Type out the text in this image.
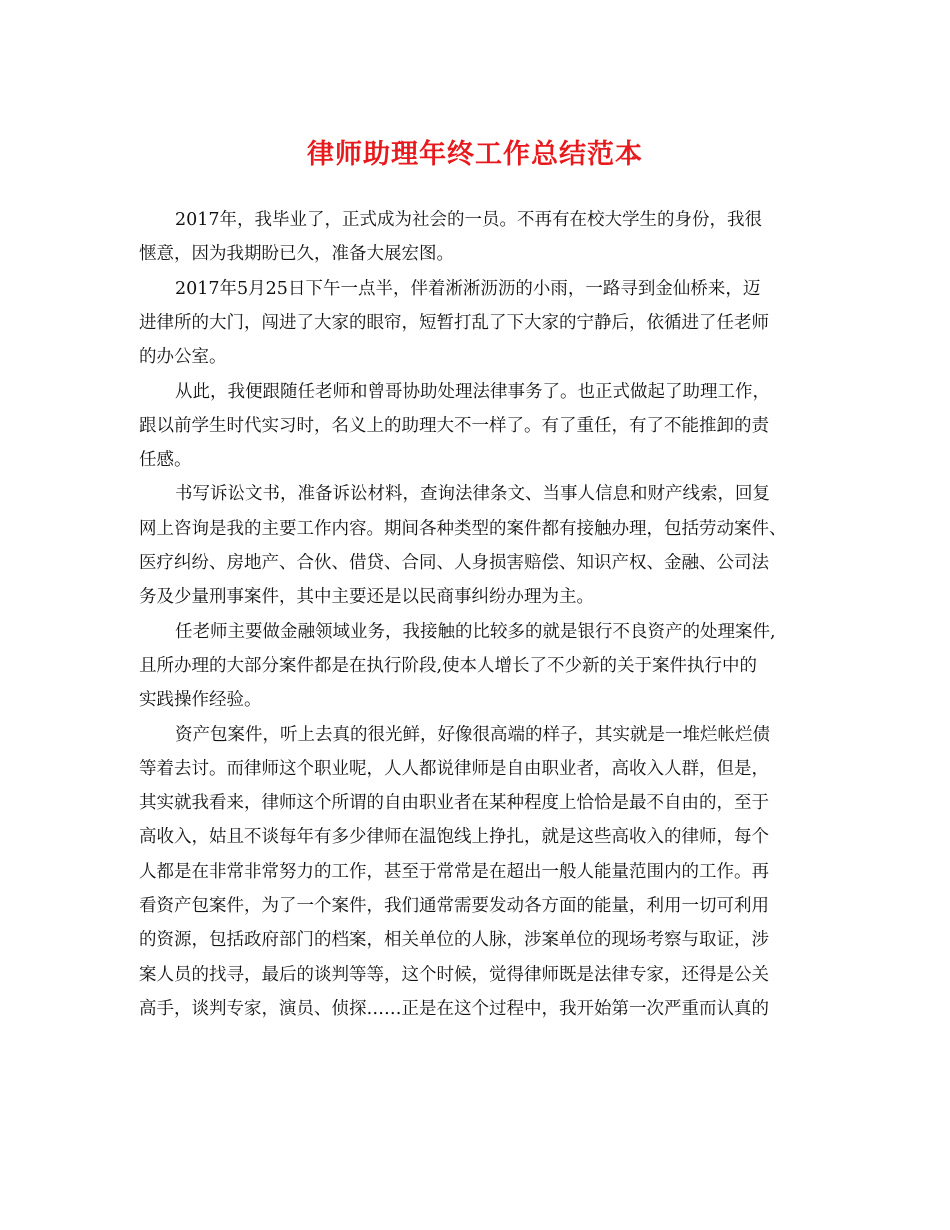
律师助理年终工作总结范本
2017年，我毕业了，正式成为社会的一员。不再有在校大学生的身份，我很
惬意，因为我期盼已久，准备大展宏图。
2017年5月25日下午一点半，伴着淅淅沥沥的小雨，一路寻到金仙桥来，迈
进律所的大门，闯进了大家的眼帘，短暂打乱了下大家的宁静后，依循进了任老师
的办公室。
从此，我便跟随任老师和曾哥协助处理法律事务了。也正式做起了助理工作，
跟以前学生时代实习时，名义上的助理大不一样了。有了重任，有了不能推卸的责
任感。
书写诉讼文书，准备诉讼材料，查询法律条文、当事人信息和财产线索，回复
网上咨询是我的主要工作内容。期间各种类型的案件都有接触办理，包括劳动案件、
医疗纠纷、房地产、合伙、借贷、合同、人身损害赔偿、知识产权、金融、公司法
务及少量刑事案件，其中主要还是以民商事纠纷办理为主。
任老师主要做金融领域业务，我接触的比较多的就是银行不良资产的处理案件,
且所办理的大部分案件都是在执行阶段,使本人增长了不少新的关于案件执行中的
实践操作经验。
资产包案件，听上去真的很光鲜，好像很高端的样子，其实就是一堆烂帐烂债
等着去讨。而律师这个职业呢，人人都说律师是自由职业者，高收入人群，但是，
其实就我看来，律师这个所谓的自由职业者在某种程度上恰恰是最不自由的，至于
高收入，姑且不谈每年有多少律师在温饱线上挣扎，就是这些高收入的律师，每个
人都是在非常非常努力的工作，甚至于常常是在超出一般人能量范围内的工作。再
看资产包案件，为了一个案件，我们通常需要发动各方面的能量，利用一切可利用
的资源，包括政府部门的档案，相关单位的人脉，涉案单位的现场考察与取证，涉
案人员的找寻，最后的谈判等等，这个时候，觉得律师既是法律专家，还得是公关
高手，谈判专家，演员、侦探……正是在这个过程中，我开始第一次严重而认真的
